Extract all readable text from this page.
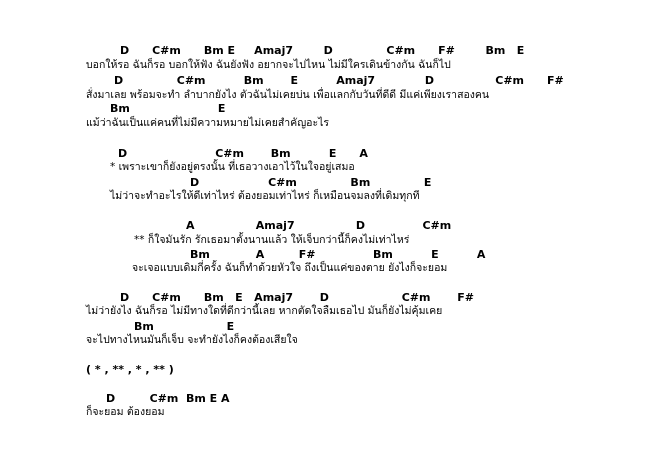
D      C#m      Bm E     Amaj7        D              C#m      F#        Bm   E
บอกให้รอ ฉันก็รอ บอกให้ฟัง ฉันยังฟัง อยากจะไปไหน ไม่มีใครเดินข้างกัน ฉันก็ไป
D              C#m          Bm       E          Amaj7             D                C#m      F#
สั่งมาเลย พร้อมจะทำ ลำบากยังไง ตัวฉันไม่เคยบ่น เพื่อแลกกับวันที่ดีดี มีแค่เพียงเราสองคน
Bm                       E
แม้ว่าฉันเป็นแค่คนที่ไม่มีความหมายไม่เคยสำคัญอะไร
D                       C#m       Bm          E      A
* เพราะเขาก็ยังอยู่ตรงนั้น ที่เธอวางเอาไว้ในใจอยู่เสมอ
D                  C#m              Bm              E
ไม่ว่าจะทำอะไรให้ดีเท่าไหร่ ต้องยอมเท่าไหร่ ก็เหมือนจมลงที่เดิมทุกที
A                Amaj7                D               C#m
** ก็ใจมันรัก รักเธอมาตั้งนานแล้ว ให้เจ็บกว่านี้ก็คงไม่เท่าไหร่
Bm            A         F#               Bm          E          A
จะเจอแบบเดิมกี่ครั้ง ฉันก็ทำด้วยหัวใจ ถึงเป็นแค่ของตาย ยังไงก็จะยอม
D      C#m      Bm   E   Amaj7       D                   C#m       F#
ไม่ว่ายังไง ฉันก็รอ ไม่มีทางใดที่ดีกว่านี้เลย หากตัดใจลืมเธอไป มันก็ยังไม่คุ้มเคย
Bm                   E
จะไปทางไหนมันก็เจ็บ จะทำยังไงก็คงต้องเสียใจ
( * , ** , * , ** )
D         C#m  Bm E A
ก็จะยอม ต้องยอม
